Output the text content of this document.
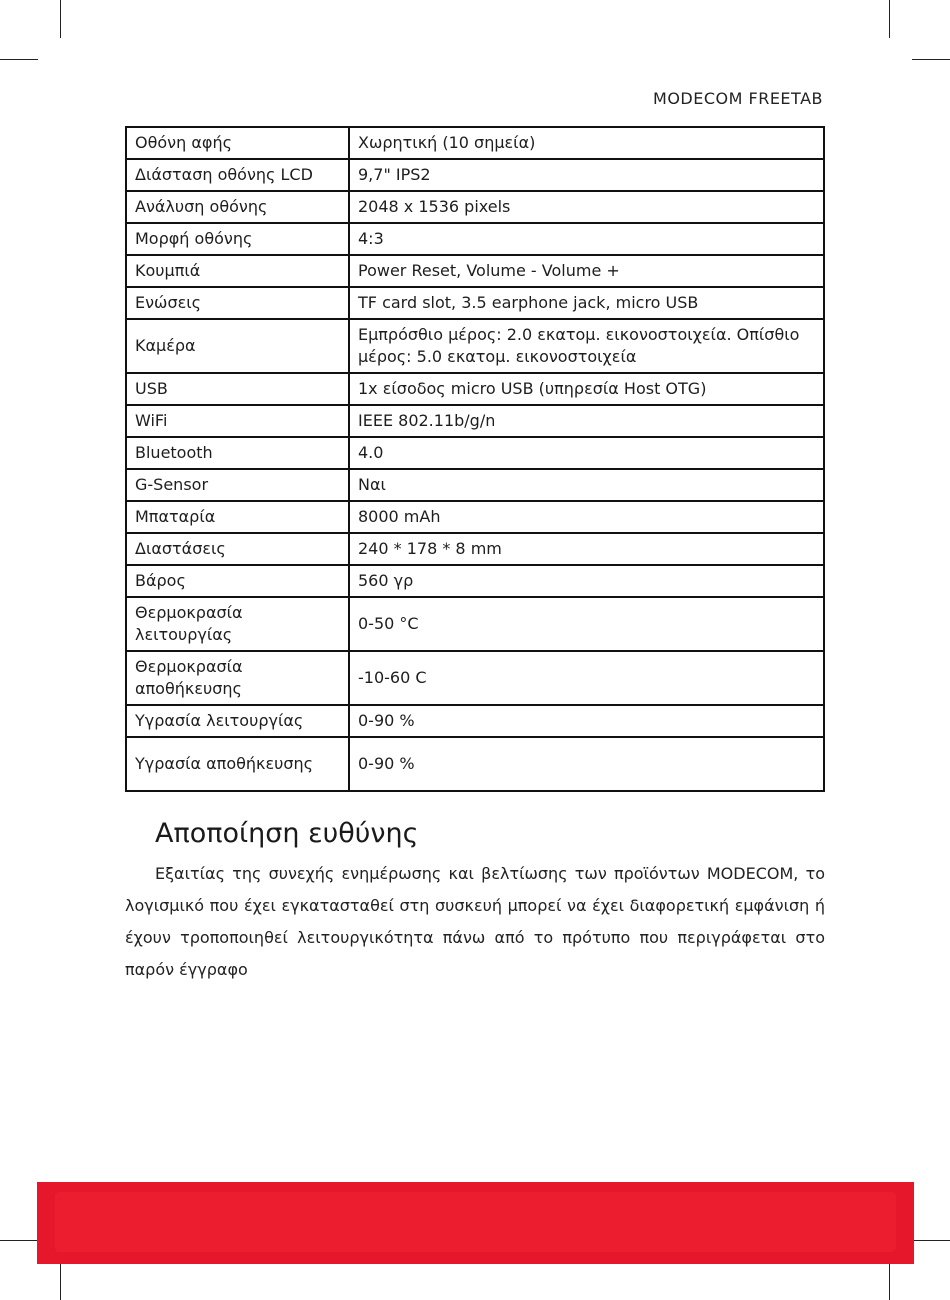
MODECOM FREETAB
Οθόνη αφής	Χωρητική (10 σημεία)
Διάσταση οθόνης LCD	9,7" IPS2
Ανάλυση οθόνης	2048 x 1536 pixels
Μορφή οθόνης	4:3
Κουμπιά	Power Reset, Volume - Volume +
Ενώσεις	TF card slot, 3.5 earphone jack, micro USB
Καμέρα	Εμπρόσθιο μέρος: 2.0 εκατομ. εικονοστοιχεία. Οπίσθιο μέρος: 5.0 εκατομ. εικονοστοιχεία
USB	1x είσοδος micro USB (υπηρεσία Host OTG)
WiFi	IEEE 802.11b/g/n
Bluetooth	4.0
G-Sensor	Ναι
Μπαταρία	8000 mAh
Διαστάσεις	240 * 178 * 8 mm
Βάρος	560 γρ
Θερμοκρασία λειτουργίας	0-50 °C
Θερμοκρασία αποθήκευσης	-10-60 C
Υγρασία λειτουργίας	0-90 %
Υγρασία αποθήκευσης	0-90 %
Αποποίηση ευθύνης

Εξαιτίας της συνεχής ενημέρωσης και βελτίωσης των προϊόντων MODECOM, το λογισμικό που έχει εγκατασταθεί στη συσκευή μπορεί να έχει διαφορετική εμφάνιση ή έχουν τροποποιηθεί λειτουργικότητα πάνω από το πρότυπο που περιγράφεται στο παρόν έγγραφο
